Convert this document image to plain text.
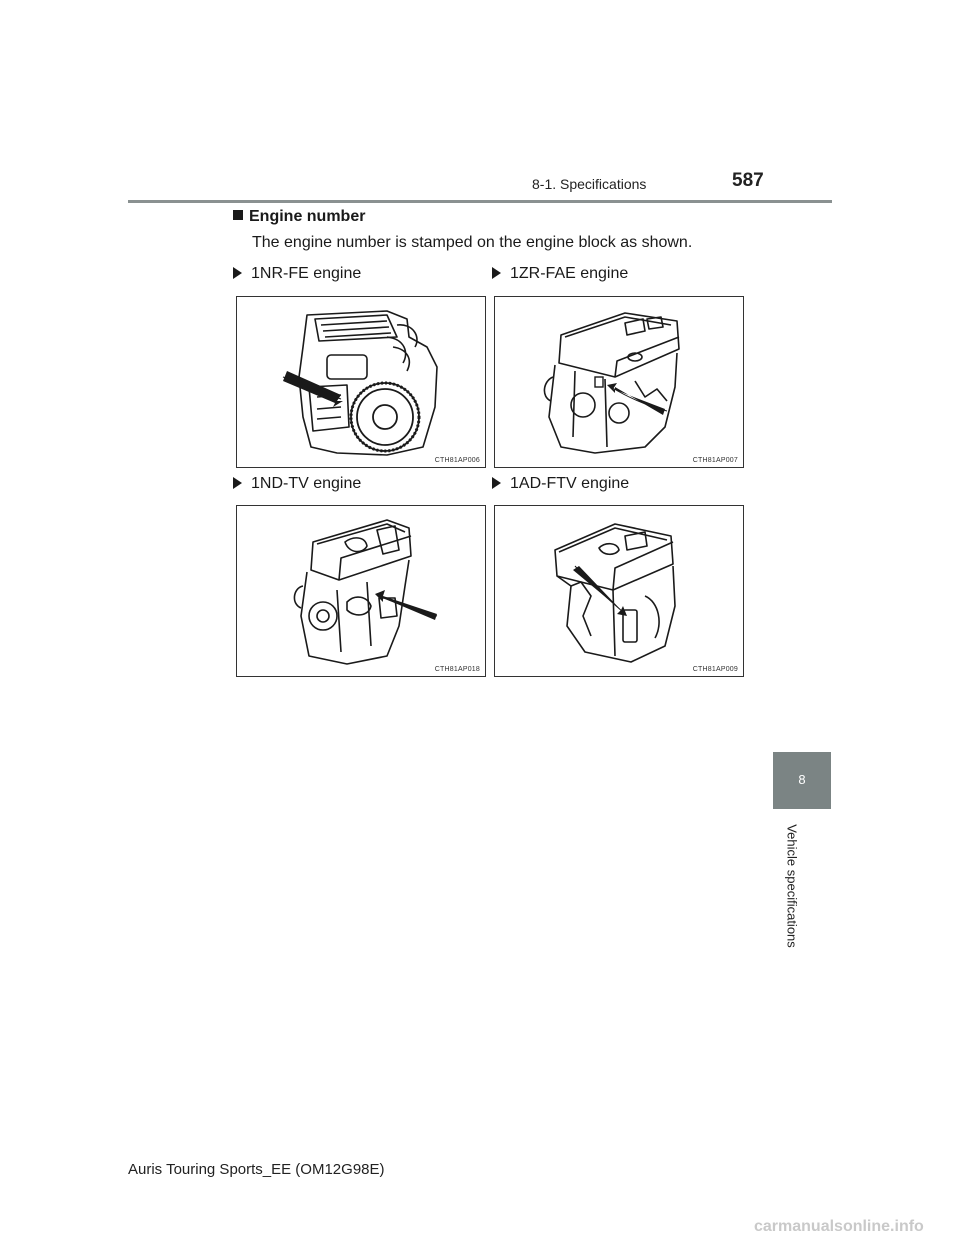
8-1. Specifications	587
8
Vehicle specifications
Engine number
The engine number is stamped on the engine block as shown.
1NR-FE engine
CTH81AP006
1ZR-FAE engine
CTH81AP007
1ND-TV engine
CTH81AP018
1AD-FTV engine
CTH81AP009
Auris Touring Sports_EE (OM12G98E)
carmanualsonline.info
